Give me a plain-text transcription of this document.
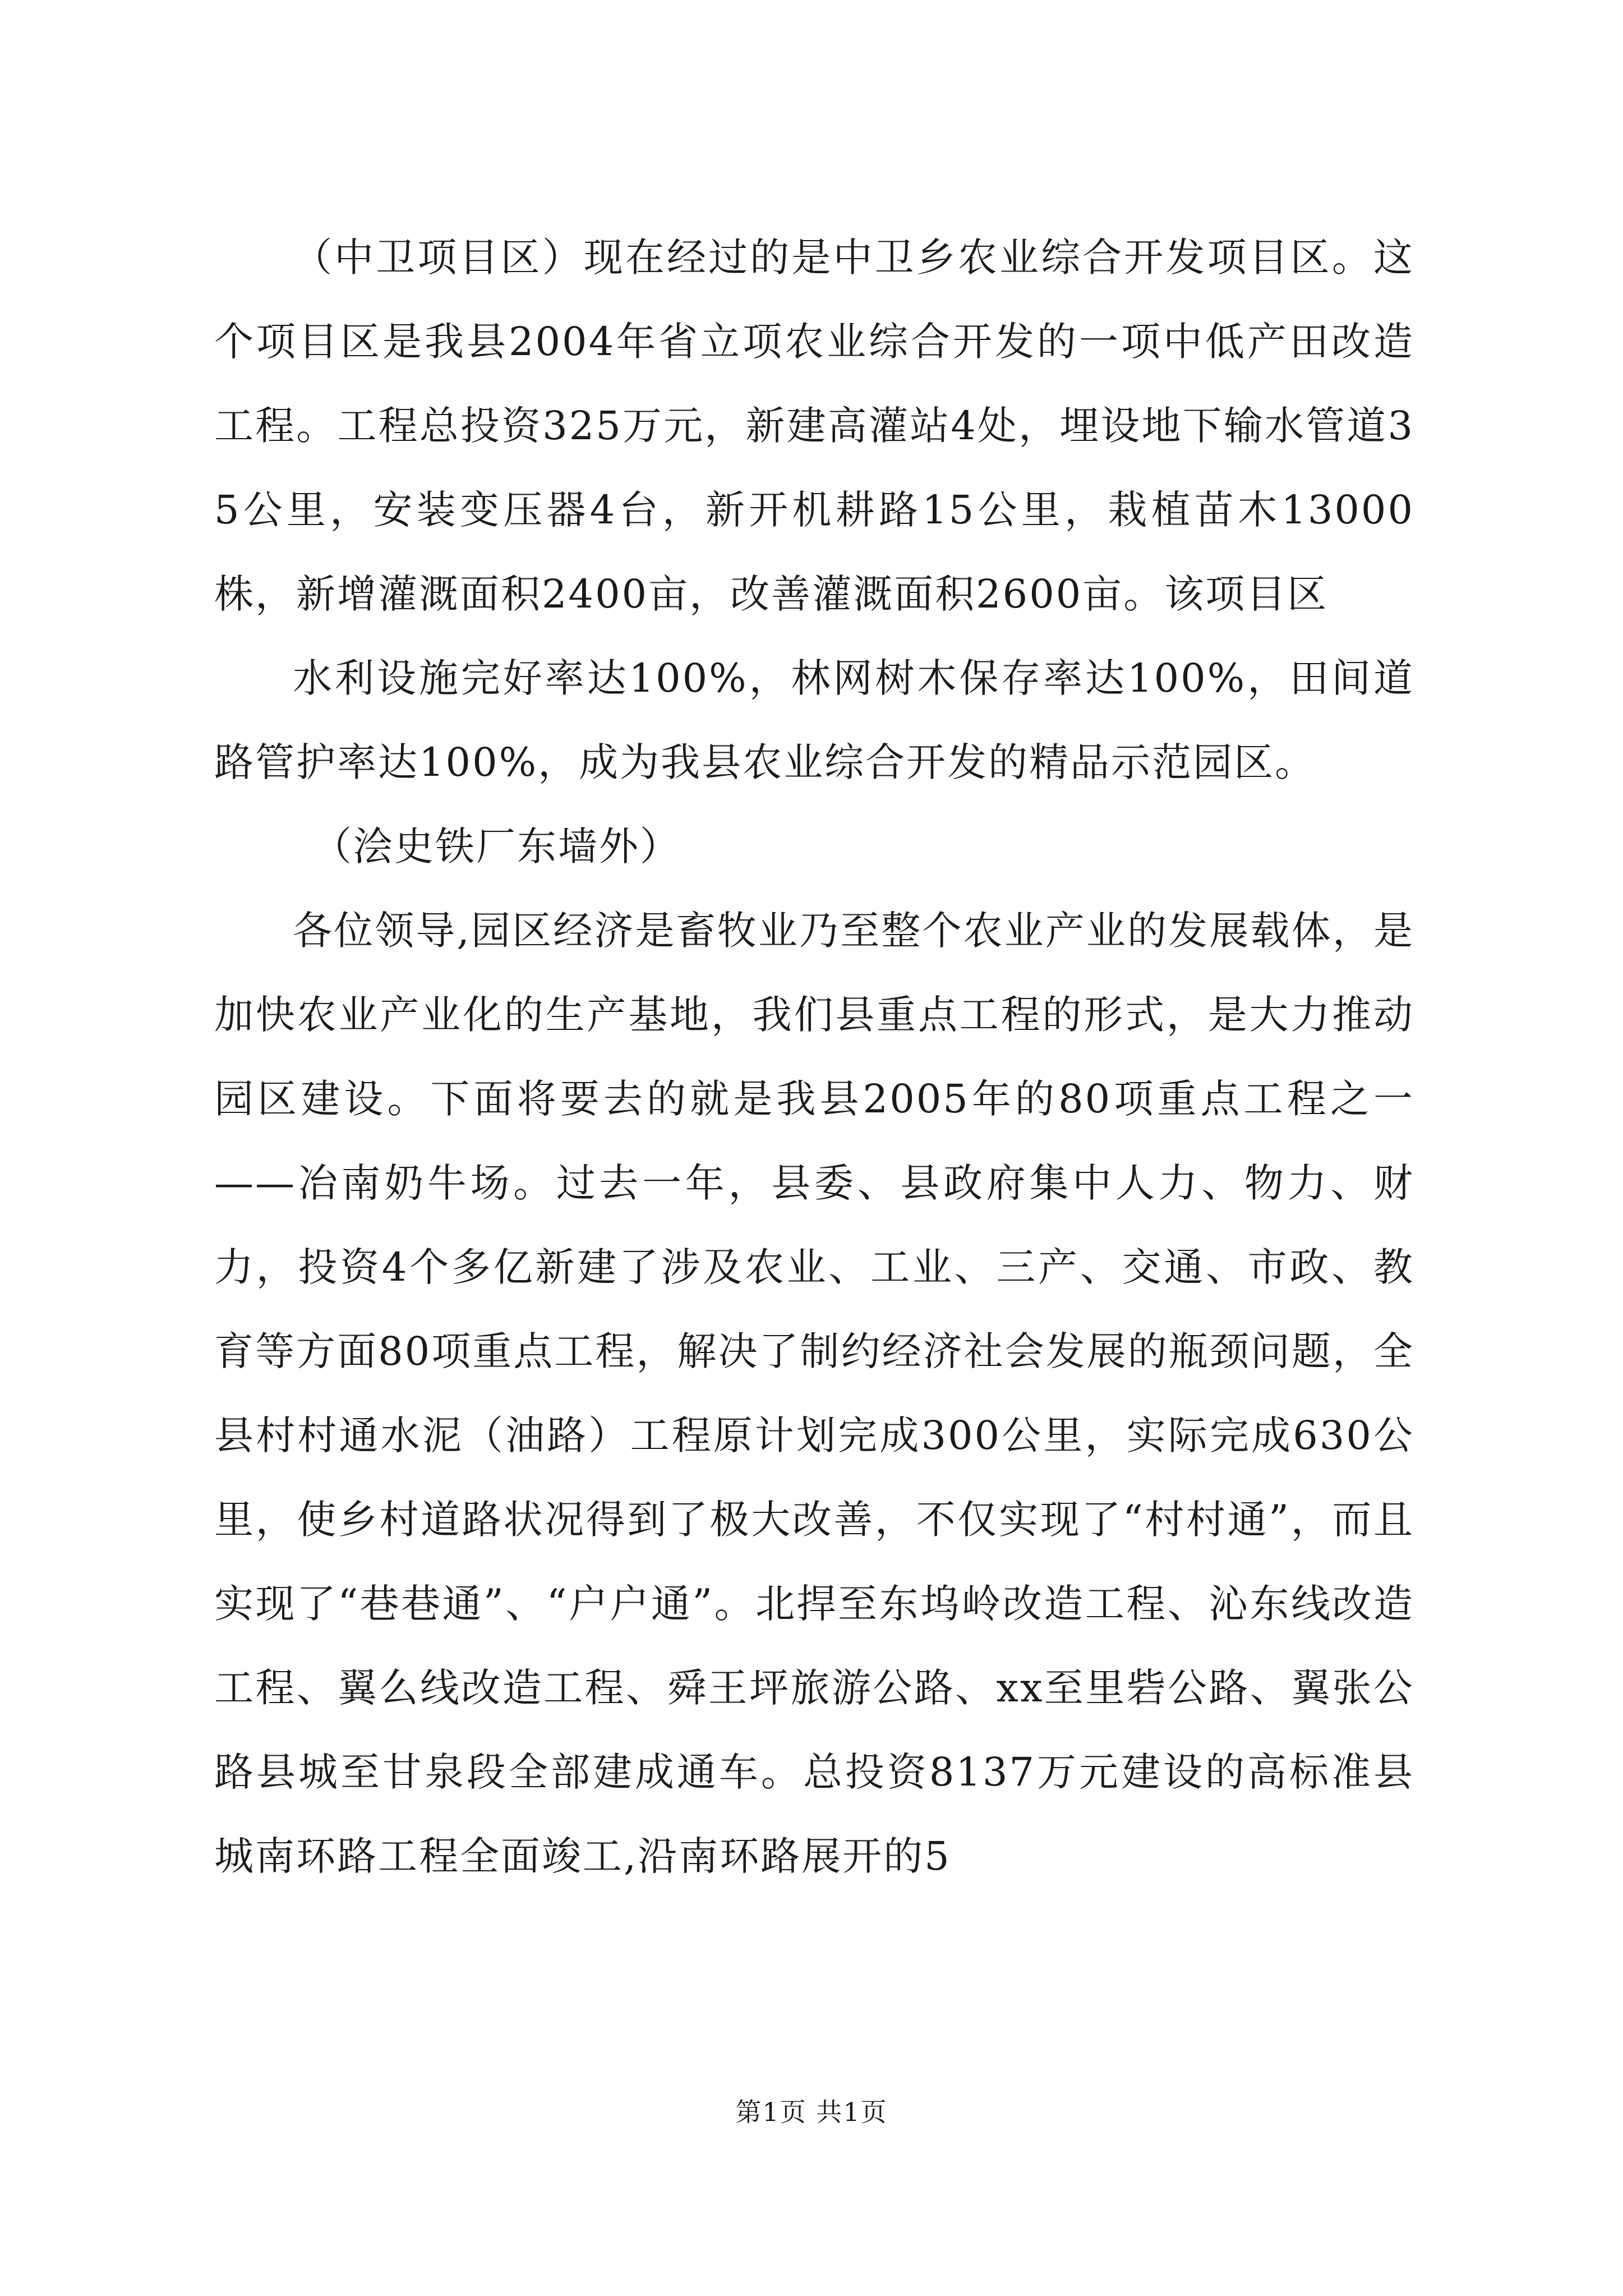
（中卫项目区）现在经过的是中卫乡农业综合开发项目区。这个项目区是我县2004年省立项农业综合开发的一项中低产田改造工程。工程总投资325万元，新建高灌站4处，埋设地下输水管道35公里，安装变压器4台，新开机耕路15公里，栽植苗木13000株，新增灌溉面积2400亩，改善灌溉面积2600亩。该项目区

水利设施完好率达100%，林网树木保存率达100%，田间道路管护率达100%，成为我县农业综合开发的精品示范园区。

（浍史铁厂东墙外）

各位领导,园区经济是畜牧业乃至整个农业产业的发展载体，是加快农业产业化的生产基地，我们县重点工程的形式，是大力推动园区建设。下面将要去的就是我县2005年的80项重点工程之一——冶南奶牛场。过去一年，县委、县政府集中人力、物力、财力，投资4个多亿新建了涉及农业、工业、三产、交通、市政、教育等方面80项重点工程，解决了制约经济社会发展的瓶颈问题，全县村村通水泥（油路）工程原计划完成300公里，实际完成630公里，使乡村道路状况得到了极大改善，不仅实现了“村村通”，而且实现了“巷巷通”、“户户通”。北捍至东坞岭改造工程、沁东线改造工程、翼么线改造工程、舜王坪旅游公路、xx至里砦公路、翼张公路县城至甘泉段全部建成通车。总投资8137万元建设的高标准县城南环路工程全面竣工,沿南环路展开的5

第1页 共1页
